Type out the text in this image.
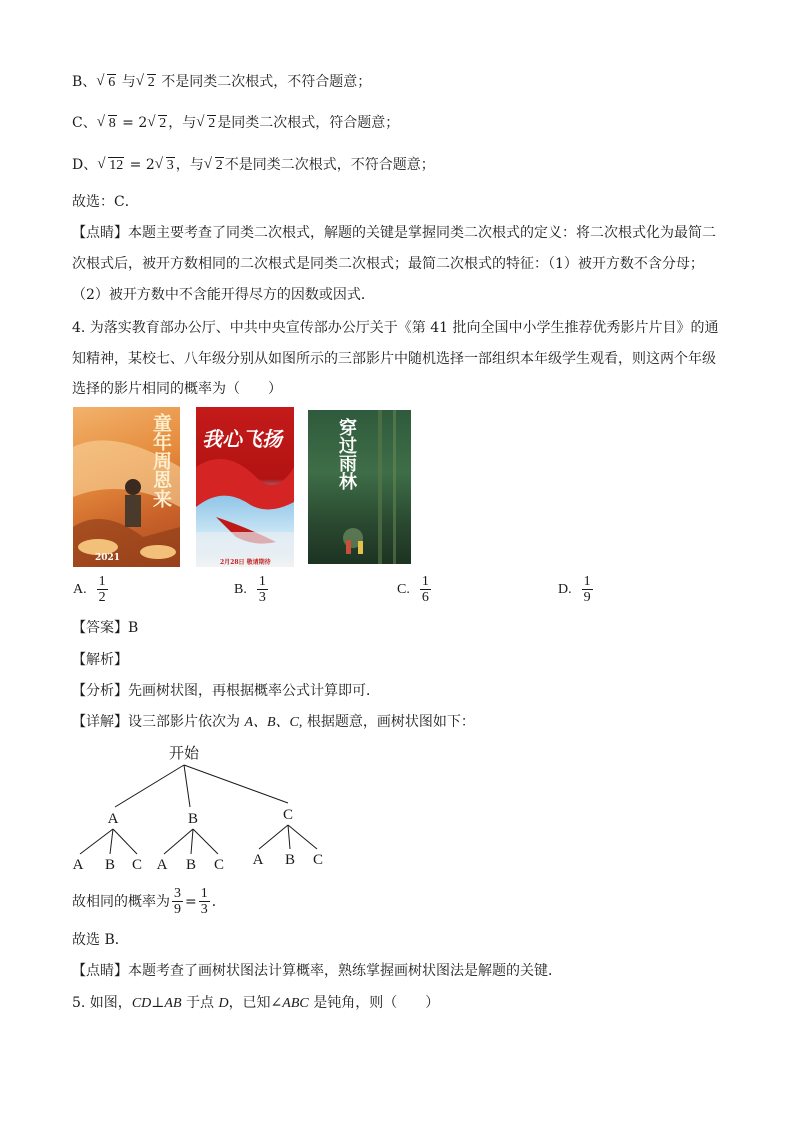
B、 √ 6 与 √ 2 不是同类二次根式，不符合题意；
C、 √ 8 = 2 √ 2 ，与 √ 2 是同类二次根式，符合题意；
D、 √ 12 = 2 √ 3 ，与 √ 2 不是同类二次根式，不符合题意；
故选：C．
【点睛】本题主要考查了同类二次根式，解题的关键是掌握同类二次根式的定义：将二次根式化为最简二
次根式后，被开方数相同的二次根式是同类二次根式；最简二次根式的特征：（1）被开方数不含分母；
（2）被开方数中不含能开得尽方的因数或因式．
4. 为落实教育部办公厅、中共中央宣传部办公厅关于《第 41 批向全国中小学生推荐优秀影片片目》的通
知精神，某校七、八年级分别从如图所示的三部影片中随机选择一部组织本年级学生观看，则这两个年级
选择的影片相同的概率为（　　）
童年周恩来
2021
我心飞扬
2月28日 敬请期待
穿过雨林
A. $\frac{1}{2}$	B. $\frac{1}{3}$	C. $\frac{1}{6}$	D. $\frac{1}{9}$
【答案】B
【解析】
【分析】先画树状图，再根据概率公式计算即可．
【详解】设三部影片依次为 A、B、C, 根据题意，画树状图如下：
开始
A	B	C
A B C A B C A B C
故相同的概率为 $\frac{3}{9} = \frac{1}{3}$ ．
故选 B．
【点睛】本题考查了画树状图法计算概率，熟练掌握画树状图法是解题的关键．
5. 如图，CD⊥AB 于点 D，已知∠ABC 是钝角，则（　　）
